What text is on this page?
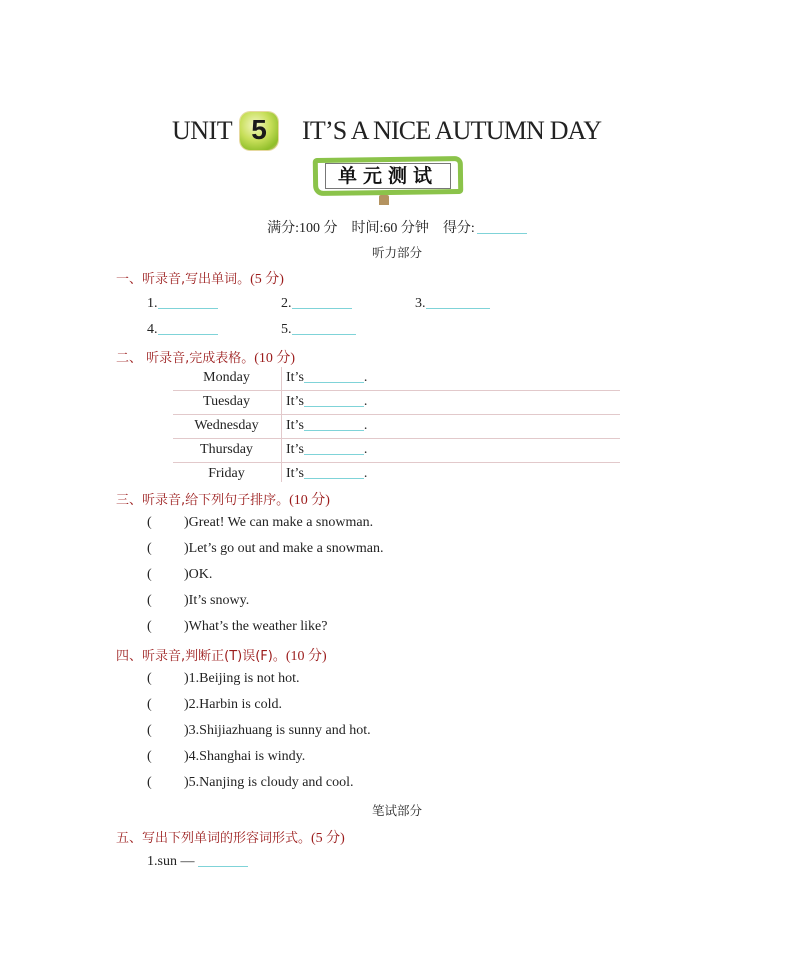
UNIT 5	IT’S A NICE AUTUMN DAY
单元测试
满分:100 分 时间:60 分钟 得分:
听力部分
一、听录音,写出单词。(5 分)
1.	2.	3.
4.	5.
二、 听录音,完成表格。(10 分)
Monday	It’s	.
Tuesday	It’s	.
Wednesday	It’s	.
Thursday	It’s	.
Friday	It’s	.
三、听录音,给下列句子排序。(10 分)
( )Great! We can make a snowman.
( )Let’s go out and make a snowman.
( )OK.
( )It’s snowy.
( )What’s the weather like?
四、听录音,判断正(T)误(F)。(10 分)
( )1.Beijing is not hot.
( )2.Harbin is cold.
( )3.Shijiazhuang is sunny and hot.
( )4.Shanghai is windy.
( )5.Nanjing is cloudy and cool.
笔试部分
五、写出下列单词的形容词形式。(5 分)
1.sun —
